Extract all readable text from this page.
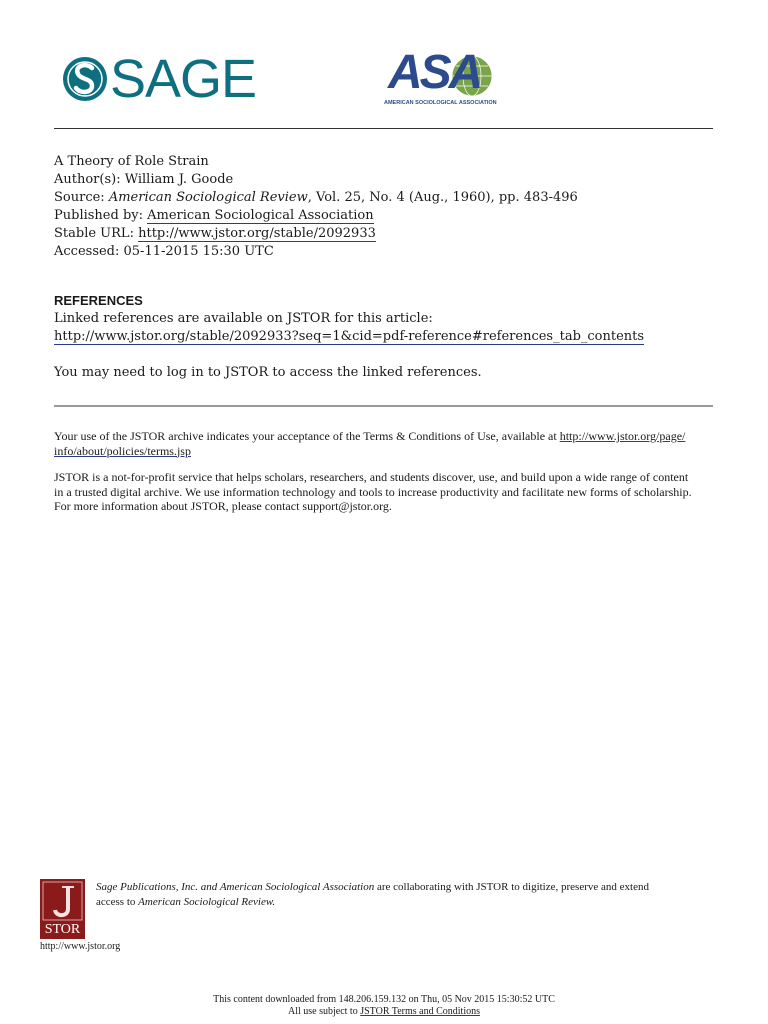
SAGE	ASA
AMERICAN SOCIOLOGICAL ASSOCIATION
A Theory of Role Strain
Author(s): William J. Goode
Source: American Sociological Review, Vol. 25, No. 4 (Aug., 1960), pp. 483-496
Published by: American Sociological Association
Stable URL: http://www.jstor.org/stable/2092933
Accessed: 05-11-2015 15:30 UTC
REFERENCES
Linked references are available on JSTOR for this article:
http://www.jstor.org/stable/2092933?seq=1&cid=pdf-reference#references_tab_contents
You may need to log in to JSTOR to access the linked references.
Your use of the JSTOR archive indicates your acceptance of the Terms & Conditions of Use, available at http://www.jstor.org/page/
info/about/policies/terms.jsp
JSTOR is a not-for-profit service that helps scholars, researchers, and students discover, use, and build upon a wide range of content
in a trusted digital archive. We use information technology and tools to increase productivity and facilitate new forms of scholarship.
For more information about JSTOR, please contact support@jstor.org.
STOR
http://www.jstor.org
Sage Publications, Inc. and American Sociological Association are collaborating with JSTOR to digitize, preserve and extend
access to American Sociological Review.
This content downloaded from 148.206.159.132 on Thu, 05 Nov 2015 15:30:52 UTC
All use subject to JSTOR Terms and Conditions
